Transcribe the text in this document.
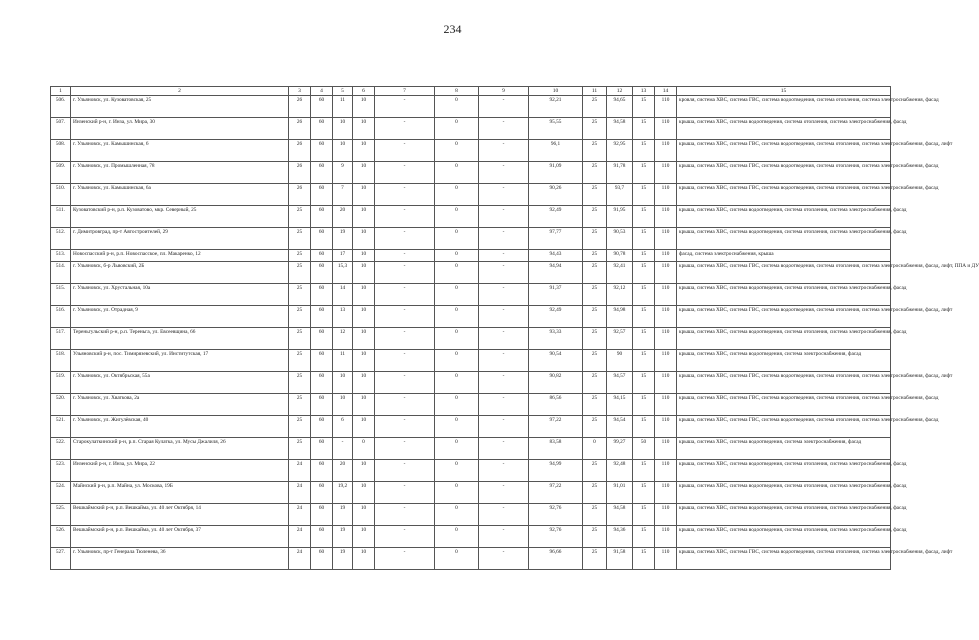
234
1	2	3	4	5	6	7	8	9	10	11	12	13	14	15
506.	г. Ульяновск, ул. Кузоватовская, 25	26	60	11	10	-	0	-	92,21	25	94,65	15	110	кровля, система ХВС, система ГВС, система водоотведения, система отопления, система электроснабжения, фасад
507.	Инзенский р-н, г. Инза, ул. Мира, 30	26	60	10	10	-	0	-	95,55	25	94,58	15	110	крыша, система ХВС, система водоотведения, система отопления, система электроснабжения, фасад
508.	г. Ульяновск, ул. Камышинская, 6	26	60	10	10	-	0	-	96,1	25	92,95	15	110	крыша, система ХВС, система ГВС, система водоотведения, система отопления, система электроснабжения, фасад, лифт
509.	г. Ульяновск, ул. Промышленная, 78	26	60	9	10	-	0	-	91,09	25	91,78	15	110	крыша, система ХВС, система ГВС, система водоотведения, система отопления, система электроснабжения, фасад
510.	г. Ульяновск, ул. Камышинская, 6а	26	60	7	10	-	0	-	90,26	25	93,7	15	110	крыша, система ХВС, система ГВС, система водоотведения, система отопления, система электроснабжения, фасад
511.	Кузоватовский р-н, р.п. Кузоватово, мкр. Северный, 25	25	60	20	10	-	0	-	92,49	25	91,95	15	110	крыша, система ХВС, система водоотведения, система отопления, система электроснабжения, фасад
512.	г. Димитровград, пр-т Автостроителей, 29	25	60	19	10	-	0	-	97,77	25	90,53	15	110	крыша, система ХВС, система водоотведения, система отопления, система электроснабжения, фасад
513.	Новоспасский р-н, р.п. Новоспасское, пл. Макаренко, 12	25	60	17	10	-	0	-	94,43	25	90,78	15	110	фасад, система электроснабжения, крыша
514.	г. Ульяновск, б-р Львовский, 2Б	25	60	15,3	10	-	0	-	94,94	25	92,41	15	110	крыша, система ХВС, система ГВС, система водоотведения, система отопления, система электроснабжения, фасад, лифт, ППА и ДУ
515.	г. Ульяновск, ул. Хрустальная, 10а	25	60	14	10	-	0	-	91,37	25	92,12	15	110	крыша, система ХВС, система водоотведения, система отопления, система электроснабжения, фасад
516.	г. Ульяновск, ул. Отрадная, 9	25	60	13	10	-	0	-	92,49	25	94,98	15	110	крыша, система ХВС, система ГВС, система водоотведения, система отопления, система электроснабжения, фасад, лифт
517.	Тереньгульский р-н, р.п. Тереньга, ул. Евсеевщина, 66	25	60	12	10	-	0	-	93,33	25	92,57	15	110	крыша, система ХВС, система водоотведения, система отопления, система электроснабжения, фасад
518.	Ульяновский р-н, пос. Тимирязевский, ул. Институтская, 17	25	60	11	10	-	0	-	90,54	25	90	15	110	крыша, система ХВС, система водоотведения, система электроснабжения, фасад
519.	г. Ульяновск, ул. Октябрьская, 55а	25	60	10	10	-	0	-	90,82	25	94,57	15	110	крыша, система ХВС, система ГВС, система водоотведения, система отопления, система электроснабжения, фасад, лифт
520.	г. Ульяновск, ул. Хваткова, 2а	25	60	10	10	-	0	-	86,56	25	94,15	15	110	крыша, система ХВС, система ГВС, система водоотведения, система отопления, система электроснабжения, фасад
521.	г. Ульяновск, ул. Жигулёвская, 40	25	60	6	10	-	0	-	97,22	25	94,54	15	110	крыша, система ХВС, система ГВС, система водоотведения, система отопления, система электроснабжения, фасад
522.	Старокулаткинский р-н, р.п. Старая Кулатка, ул. Мусы Джалиля, 26	25	60	-	0	-	0	-	83,58	0	99,27	50	110	крыша, система ХВС, система водоотведения, система электроснабжения, фасад
523.	Инзенский р-н, г. Инза, ул. Мира, 22	24	60	20	10	-	0	-	94,99	25	92,48	15	110	крыша, система ХВС, система водоотведения, система отопления, система электроснабжения, фасад
524.	Майнский р-н, р.п. Майна, ул. Москова, 19Б	24	60	19,2	10	-	0	-	97,22	25	91,01	15	110	крыша, система ХВС, система водоотведения, система отопления, система электроснабжения, фасад
525.	Вешкаймский р-н, р.п. Вешкайма, ул. 40 лет Октября, 14	24	60	19	10	-	0	-	92,76	25	94,58	15	110	крыша, система ХВС, система водоотведения, система отопления, система электроснабжения, фасад
526.	Вешкаймский р-н, р.п. Вешкайма, ул. 40 лет Октября, 37	24	60	19	10	-	0	-	92,76	25	94,36	15	110	крыша, система ХВС, система водоотведения, система отопления, система электроснабжения, фасад
527.	г. Ульяновск, пр-т Генерала Тюленева, 36	24	60	19	10	-	0	-	96,66	25	91,58	15	110	крыша, система ХВС, система ГВС, система водоотведения, система отопления, система электроснабжения, фасад, лифт
